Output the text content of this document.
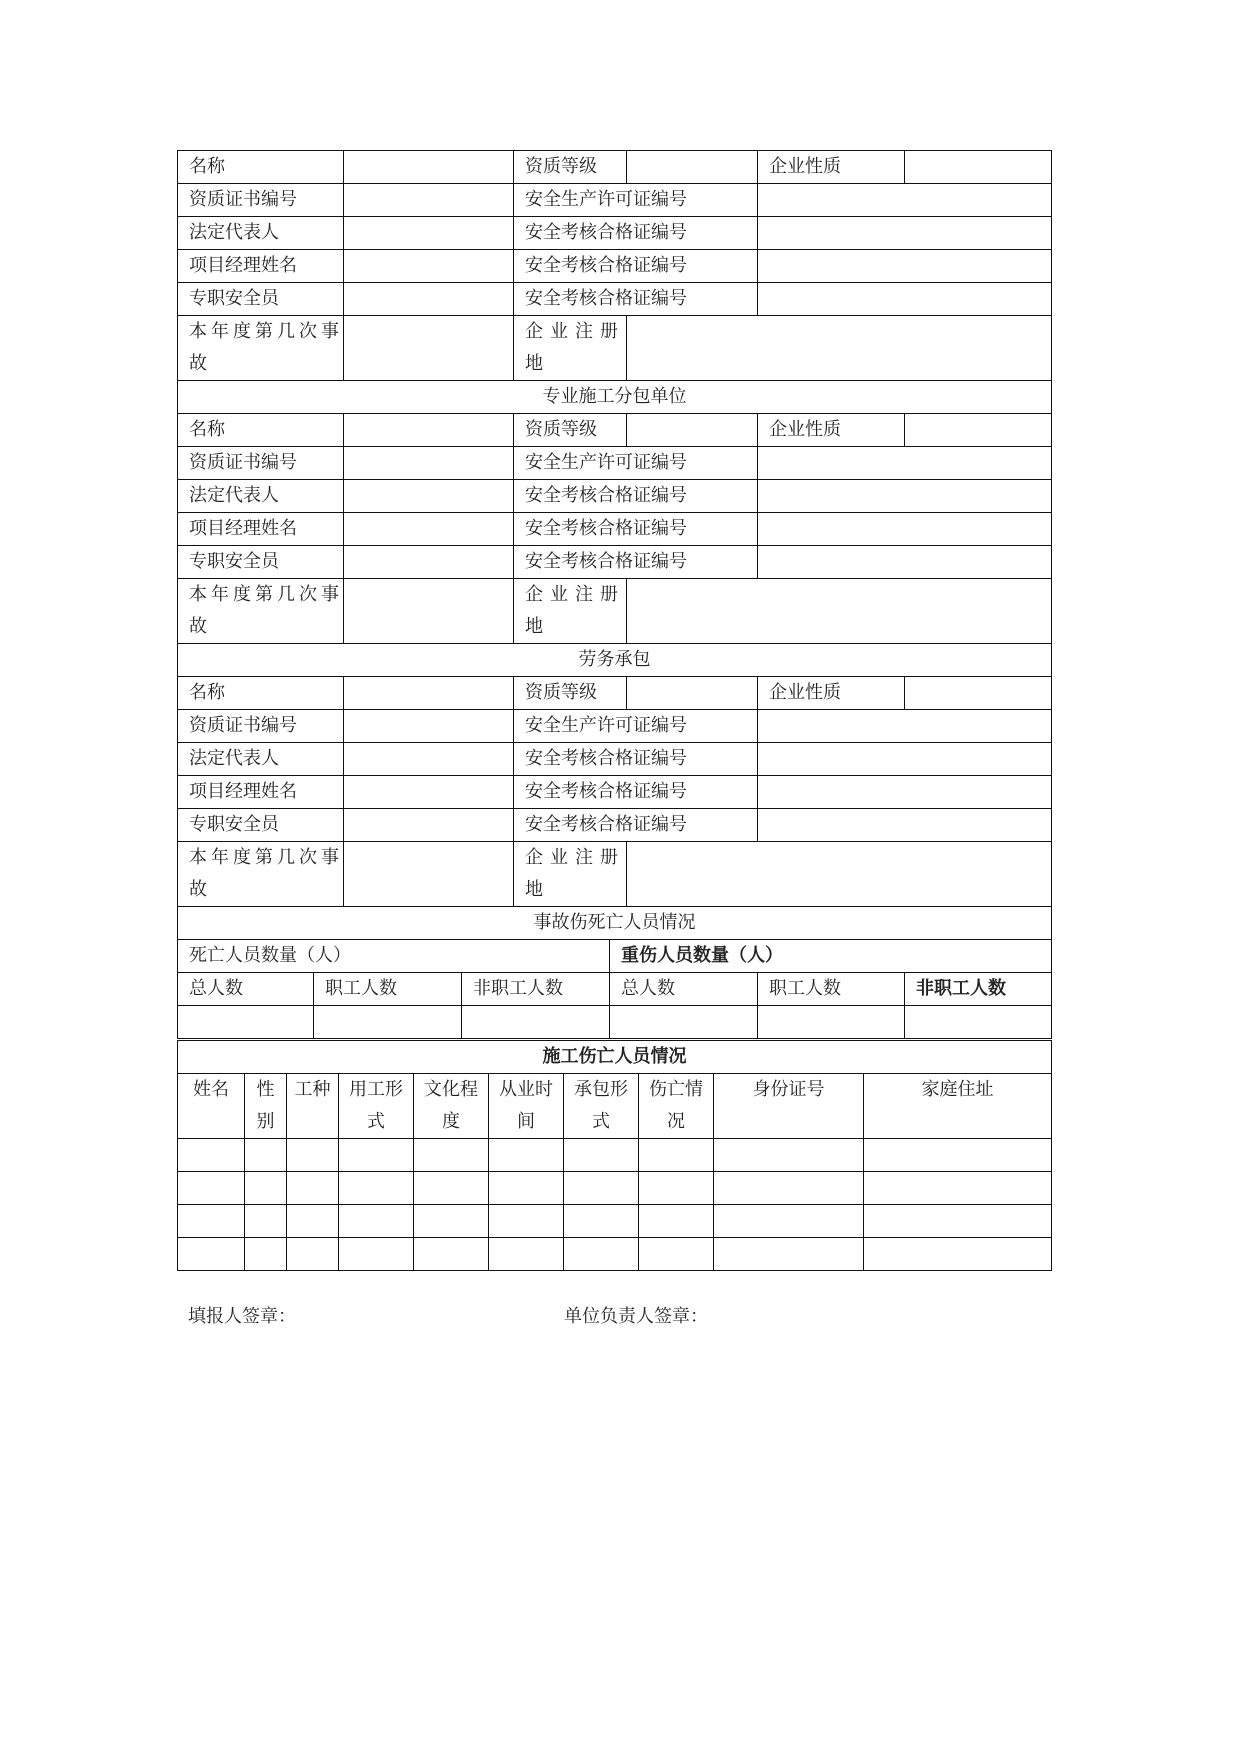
名称		资质等级		企业性质	
资质证书编号		安全生产许可证编号			
法定代表人		安全考核合格证编号			
项目经理姓名		安全考核合格证编号			
专职安全员		安全考核合格证编号			
本年度第几次事故		企业注册地			
专业施工分包单位					
名称		资质等级		企业性质	
资质证书编号		安全生产许可证编号			
法定代表人		安全考核合格证编号			
项目经理姓名		安全考核合格证编号			
专职安全员		安全考核合格证编号			
本年度第几次事故		企业注册地			
劳务承包					
名称		资质等级		企业性质	
资质证书编号		安全生产许可证编号			
法定代表人		安全考核合格证编号			
项目经理姓名		安全考核合格证编号			
专职安全员		安全考核合格证编号			
本年度第几次事故		企业注册地			
事故伤死亡人员情况					
死亡人员数量（人）			重伤人员数量（人）		
总人数	职工人数	非职工人数	总人数	职工人数	非职工人数

施工伤亡人员情况									
姓名	性别	工种	用工形式	文化程度	从业时间	承包形式	伤亡情况	身份证号	家庭住址

填报人签章：	单位负责人签章：
